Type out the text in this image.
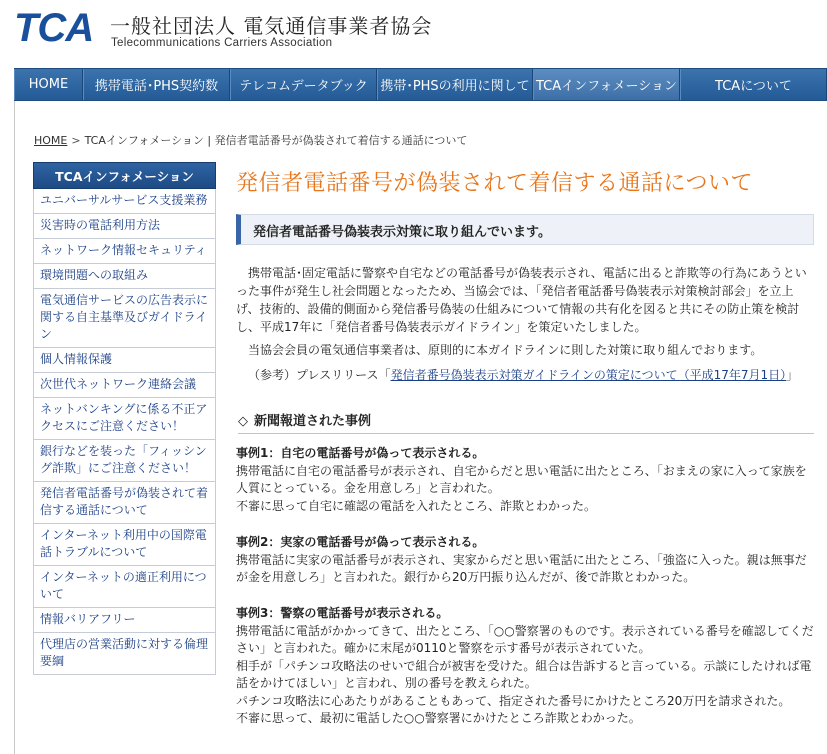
TCA 一般社団法人 電気通信事業者協会
Telecommunications Carriers Association
HOME	携帯電話･PHS契約数	テレコムデータブック 携帯･PHSの利用に関して TCAインフォメーション	TCAについて
HOME > TCAインフォメーション | 発信者電話番号が偽装されて着信する通話について
TCAインフォメーション
ユニバーサルサービス支援業務
災害時の電話利用方法
ネットワーク情報セキュリティ
環境問題への取組み
電気通信サービスの広告表示に関する自主基準及びガイドライン
個人情報保護
次世代ネットワーク連絡会議
ネットバンキングに係る不正アクセスにご注意ください！
銀行などを装った「フィッシング詐欺」にご注意ください！
発信者電話番号が偽装されて着信する通話について
インターネット利用中の国際電話トラブルについて
インターネットの適正利用について
情報バリアフリー
代理店の営業活動に対する倫理要綱
発信者電話番号が偽装されて着信する通話について
発信者電話番号偽装表示対策に取り組んでいます。
携帯電話･固定電話に警察や自宅などの電話番号が偽装表示され、電話に出ると詐欺等の行為にあうといった事件が発生し社会問題となったため、当協会では、「発信者電話番号偽装表示対策検討部会」を立上げ、技術的、設備的側面から発信番号偽装の仕組みについて情報の共有化を図ると共にその防止策を検討し、平成17年に「発信者番号偽装表示ガイドライン」を策定いたしました。
当協会会員の電気通信事業者は、原則的に本ガイドラインに則した対策に取り組んでおります。
（参考）プレスリリース「発信者番号偽装表示対策ガイドラインの策定について（平成17年7月1日）」
◇ 新聞報道された事例
事例1：自宅の電話番号が偽って表示される。
携帯電話に自宅の電話番号が表示され、自宅からだと思い電話に出たところ、「おまえの家に入って家族を人質にとっている。金を用意しろ」と言われた。
不審に思って自宅に確認の電話を入れたところ、詐欺とわかった。
事例2：実家の電話番号が偽って表示される。
携帯電話に実家の電話番号が表示され、実家からだと思い電話に出たところ、「強盗に入った。親は無事だが金を用意しろ」と言われた。銀行から20万円振り込んだが、後で詐欺とわかった。
事例3：警察の電話番号が表示される。
携帯電話に電話がかかってきて、出たところ、「○○警察署のものです。表示されている番号を確認してください」と言われた。確かに末尾が0110と警察を示す番号が表示されていた。
相手が「パチンコ攻略法のせいで組合が被害を受けた。組合は告訴すると言っている。示談にしたければ電話をかけてほしい」と言われ、別の番号を教えられた。
パチンコ攻略法に心あたりがあることもあって、指定された番号にかけたところ20万円を請求された。
不審に思って、最初に電話した○○警察署にかけたところ詐欺とわかった。
